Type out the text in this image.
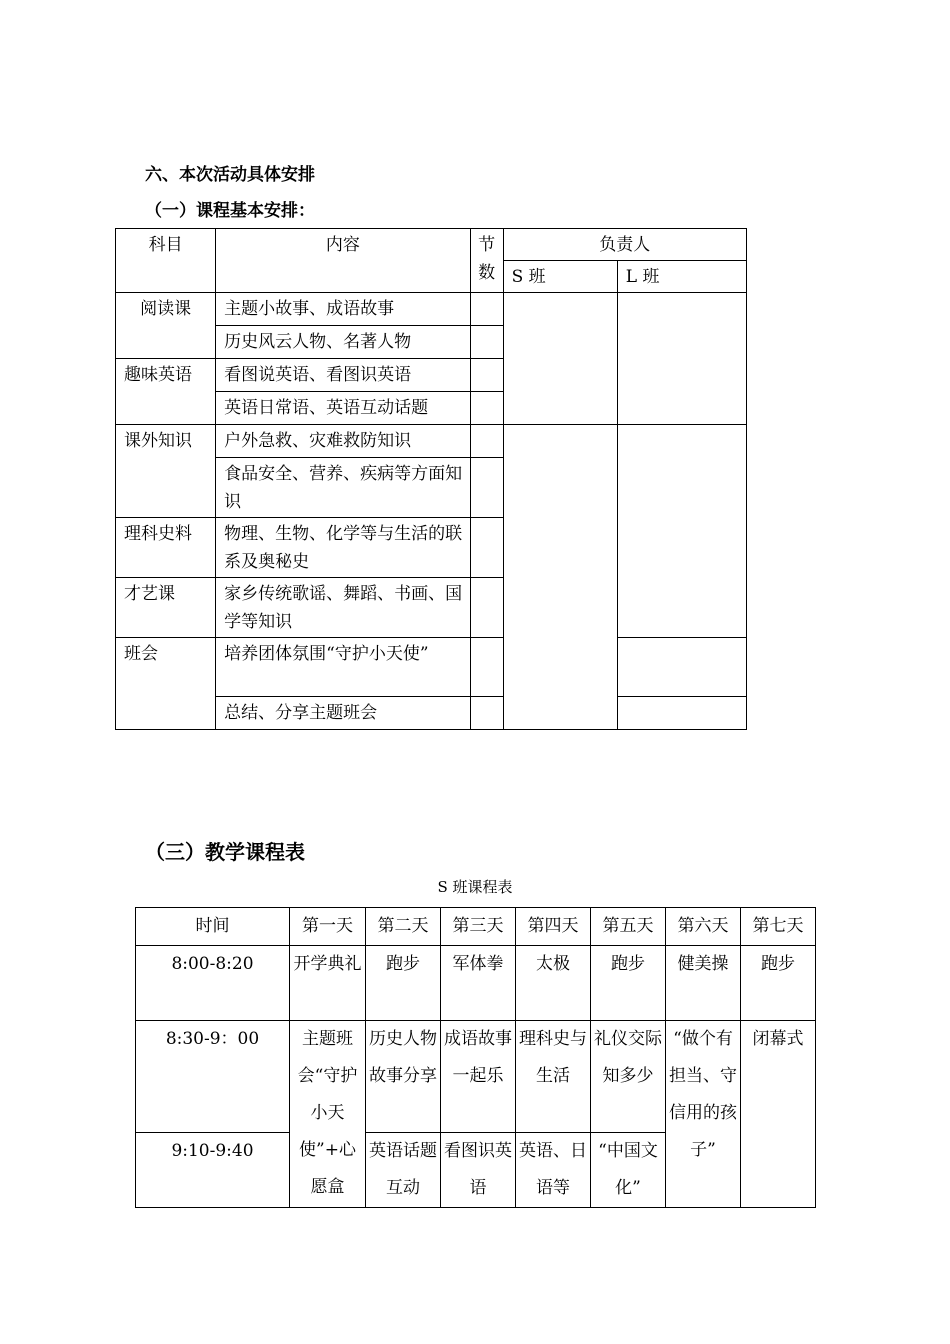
六、本次活动具体安排
（一）课程基本安排：
科目	内容	节数	负责人	
			S 班	L 班
阅读课	主题小故事、成语故事			
	历史风云人物、名著人物			
趣味英语	看图说英语、看图识英语			
	英语日常语、英语互动话题			
课外知识	户外急救、灾难救防知识			
	食品安全、营养、疾病等方面知识			
理科史料	物理、生物、化学等与生活的联系及奥秘史			
才艺课	家乡传统歌谣、舞蹈、书画、国学等知识			
班会	培养团体氛围“守护小天使”			
	总结、分享主题班会			
（三）教学课程表
S 班课程表
时间	第一天	第二天	第三天	第四天	第五天	第六天	第七天
8:00-8:20	开学典礼	跑步	军体拳	太极	跑步	健美操	跑步
8:30-9：00	主题班会“守护小天使”+心愿盒	历史人物故事分享	成语故事一起乐	理科史与生活	礼仪交际知多少	“做个有担当、守信用的孩子”	闭幕式
9:10-9:40		英语话题互动	看图识英语	英语、日语等	“中国文化”		
